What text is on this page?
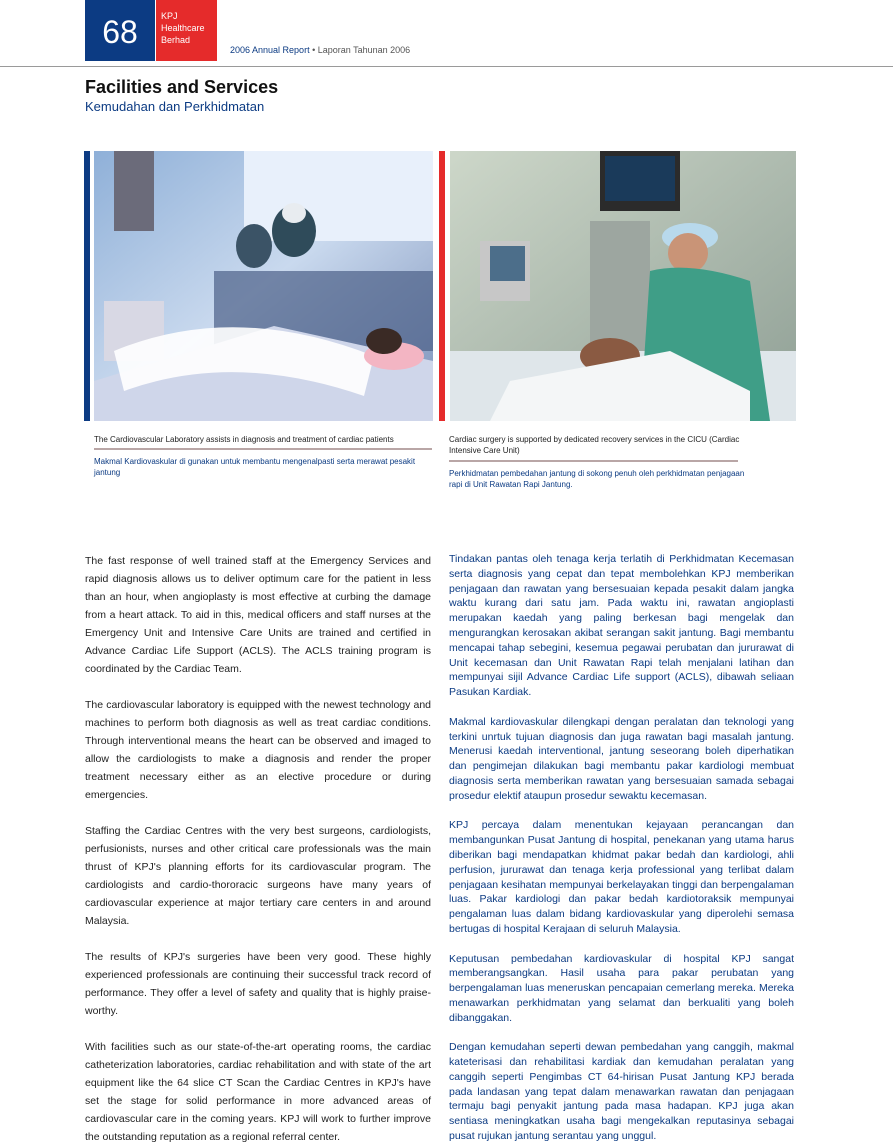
68	KPJ
Healthcare
Berhad
2006 Annual Report • Laporan Tahunan 2006
Facilities and Services
Kemudahan dan Perkhidmatan
The Cardiovascular Laboratory assists in diagnosis and treatment of cardiac patients
Makmal Kardiovaskular di gunakan untuk membantu mengenalpasti serta merawat pesakit jantung
Cardiac surgery is supported by dedicated recovery services in the CICU (Cardiac Intensive Care Unit)
Perkhidmatan pembedahan jantung di sokong penuh oleh perkhidmatan penjagaan rapi di Unit Rawatan Rapi Jantung.

The fast response of well trained staff at the Emergency Services and rapid diagnosis allows us to deliver optimum care for the patient in less than an hour, when angioplasty is most effective at curbing the damage from a heart attack. To aid in this, medical officers and staff nurses at the Emergency Unit and Intensive Care Units are trained and certified in Advance Cardiac Life Support (ACLS). The ACLS training program is coordinated by the Cardiac Team.

The cardiovascular laboratory is equipped with the newest technology and machines to perform both diagnosis as well as treat cardiac conditions. Through interventional means the heart can be observed and imaged to allow the cardiologists to make a diagnosis and render the proper treatment necessary either as an elective procedure or during emergencies.

Staffing the Cardiac Centres with the very best surgeons, cardiologists, perfusionists, nurses and other critical care professionals was the main thrust of KPJ's planning efforts for its cardiovascular program. The cardiologists and cardio-thororacic surgeons have many years of cardiovascular experience at major tertiary care centers in and around Malaysia.

The results of KPJ's surgeries have been very good. These highly experienced professionals are continuing their successful track record of performance. They offer a level of safety and quality that is highly praise-worthy.

With facilities such as our state-of-the-art operating rooms, the cardiac catheterization laboratories, cardiac rehabilitation and with state of the art equipment like the 64 slice CT Scan the Cardiac Centres in KPJ's have set the stage for solid performance in more advanced areas of cardiovascular care in the coming years. KPJ will work to further improve the outstanding reputation as a regional referral center.

Tindakan pantas oleh tenaga kerja terlatih di Perkhidmatan Kecemasan serta diagnosis yang cepat dan tepat membolehkan KPJ memberikan penjagaan dan rawatan yang bersesuaian kepada pesakit dalam jangka waktu kurang dari satu jam. Pada waktu ini, rawatan angioplasti merupakan kaedah yang paling berkesan bagi mengelak dan mengurangkan kerosakan akibat serangan sakit jantung. Bagi membantu mencapai tahap sebegini, kesemua pegawai perubatan dan jururawat di Unit kecemasan dan Unit Rawatan Rapi telah menjalani latihan dan mempunyai sijil Advance Cardiac Life support (ACLS), dibawah seliaan Pasukan Kardiak.

Makmal kardiovaskular dilengkapi dengan peralatan dan teknologi yang terkini unrtuk tujuan diagnosis dan juga rawatan bagi masalah jantung. Menerusi kaedah interventional, jantung seseorang boleh diperhatikan dan pengimejan dilakukan bagi membantu pakar kardiologi membuat diagnosis serta memberikan rawatan yang bersesuaian samada sebagai prosedur elektif ataupun prosedur sewaktu kecemasan.

KPJ percaya dalam menentukan kejayaan perancangan dan membangunkan Pusat Jantung di hospital, penekanan yang utama harus diberikan bagi mendapatkan khidmat pakar bedah dan kardiologi, ahli perfusion, jururawat dan tenaga kerja professional yang terlibat dalam penjagaan kesihatan mempunyai berkelayakan tinggi dan berpengalaman luas. Pakar kardiologi dan pakar bedah kardiotoraksik mempunyai pengalaman luas dalam bidang kardiovaskular yang diperolehi semasa bertugas di hospital Kerajaan di seluruh Malaysia.

Keputusan pembedahan kardiovaskular di hospital KPJ sangat memberangsangkan. Hasil usaha para pakar perubatan yang berpengalaman luas meneruskan pencapaian cemerlang mereka. Mereka menawarkan perkhidmatan yang selamat dan berkualiti yang boleh dibanggakan.

Dengan kemudahan seperti dewan pembedahan yang canggih, makmal kateterisasi dan rehabilitasi kardiak dan kemudahan peralatan yang canggih seperti Pengimbas CT 64-hirisan Pusat Jantung KPJ berada pada landasan yang tepat dalam menawarkan rawatan dan penjagaan termaju bagi penyakit jantung pada masa hadapan. KPJ juga akan sentiasa meningkatkan usaha bagi mengekalkan reputasinya sebagai pusat rujukan jantung serantau yang unggul.
